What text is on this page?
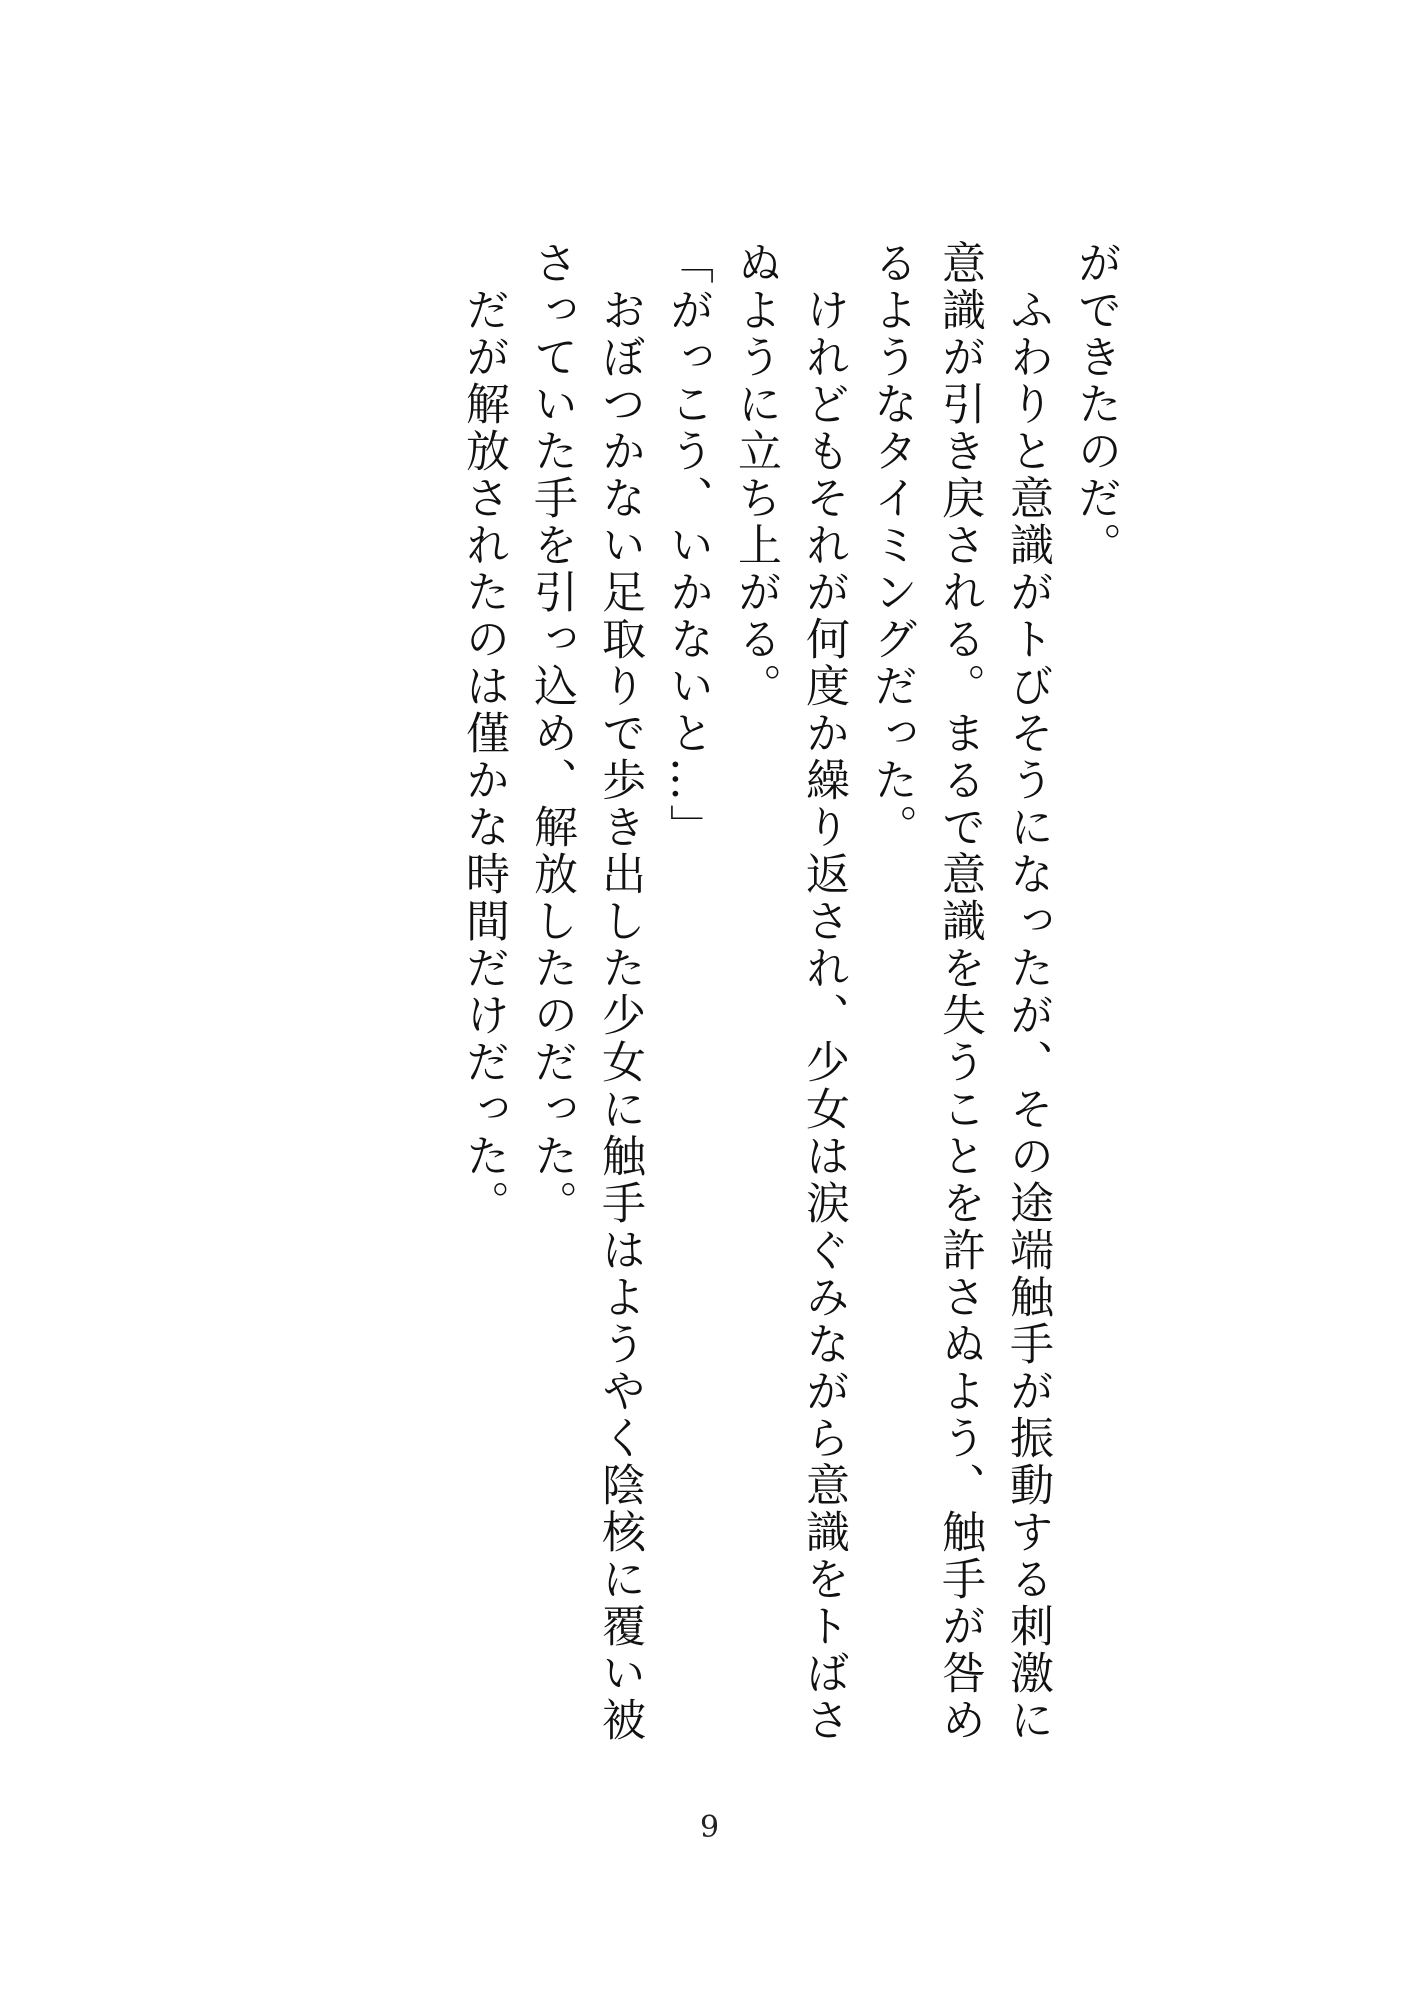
ができたのだ。
　ふわりと意識がトびそうになったが、その途端触手が振動する刺激に
意識が引き戻される。まるで意識を失うことを許さぬよう、触手が咎め
るようなタイミングだった。
　けれどもそれが何度か繰り返され、少女は涙ぐみながら意識をトばさ
ぬように立ち上がる。
「がっこう、いかないと…」
　おぼつかない足取りで歩き出した少女に触手はようやく陰核に覆い被
さっていた手を引っ込め、解放したのだった。
　だが解放されたのは僅かな時間だけだった。
9
